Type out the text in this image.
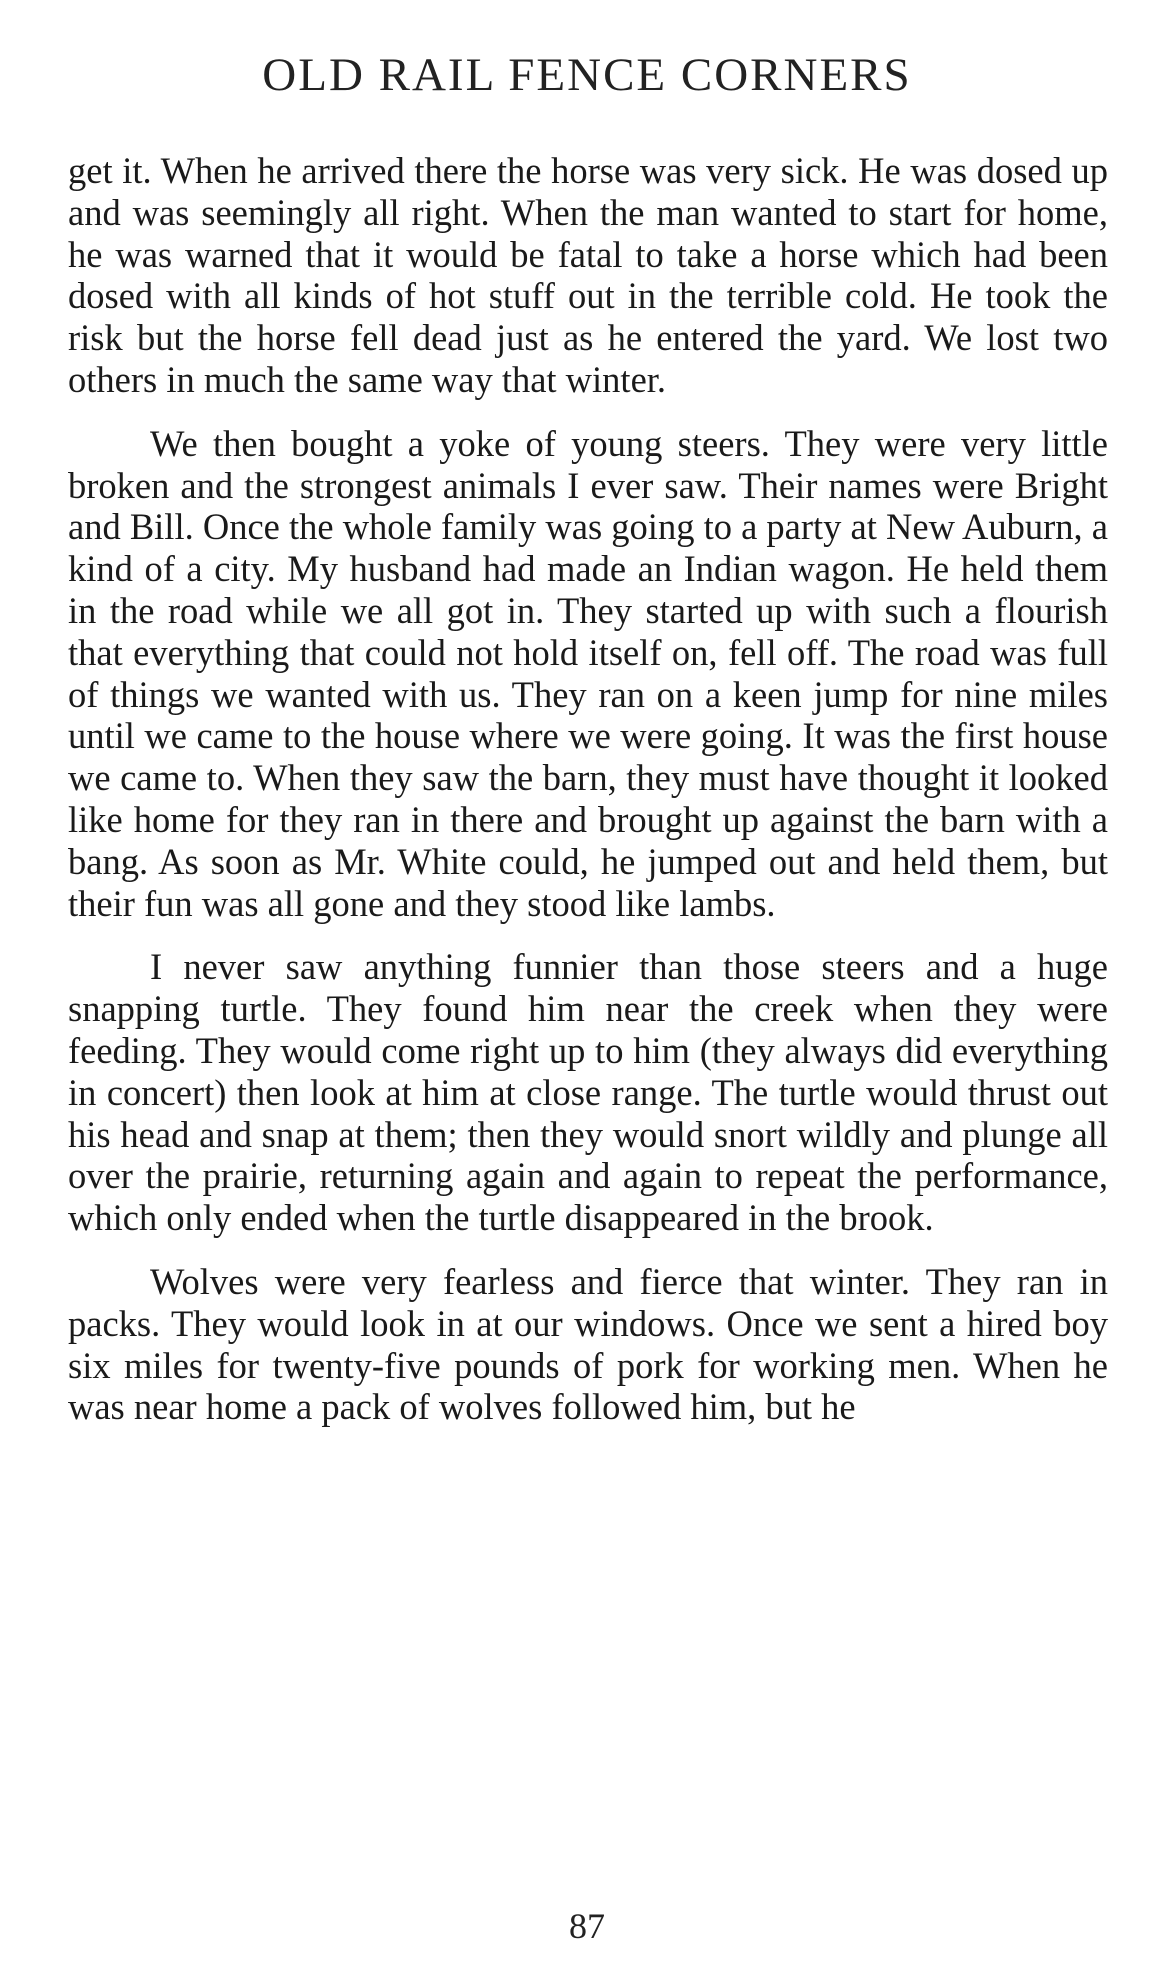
OLD RAIL FENCE CORNERS

get it. When he arrived there the horse was very sick. He was dosed up and was seemingly all right. When the man wanted to start for home, he was warned that it would be fatal to take a horse which had been dosed with all kinds of hot stuff out in the terrible cold. He took the risk but the horse fell dead just as he entered the yard. We lost two others in much the same way that winter.

We then bought a yoke of young steers. They were very little broken and the strongest animals I ever saw. Their names were Bright and Bill. Once the whole family was going to a party at New Auburn, a kind of a city. My husband had made an Indian wagon. He held them in the road while we all got in. They started up with such a flourish that everything that could not hold itself on, fell off. The road was full of things we wanted with us. They ran on a keen jump for nine miles until we came to the house where we were going. It was the first house we came to. When they saw the barn, they must have thought it looked like home for they ran in there and brought up against the barn with a bang. As soon as Mr. White could, he jumped out and held them, but their fun was all gone and they stood like lambs.

I never saw anything funnier than those steers and a huge snapping turtle. They found him near the creek when they were feeding. They would come right up to him (they always did everything in concert) then look at him at close range. The turtle would thrust out his head and snap at them; then they would snort wildly and plunge all over the prairie, returning again and again to repeat the performance, which only ended when the turtle disappeared in the brook.

Wolves were very fearless and fierce that winter. They ran in packs. They would look in at our windows. Once we sent a hired boy six miles for twenty-five pounds of pork for working men. When he was near home a pack of wolves followed him, but he

87
